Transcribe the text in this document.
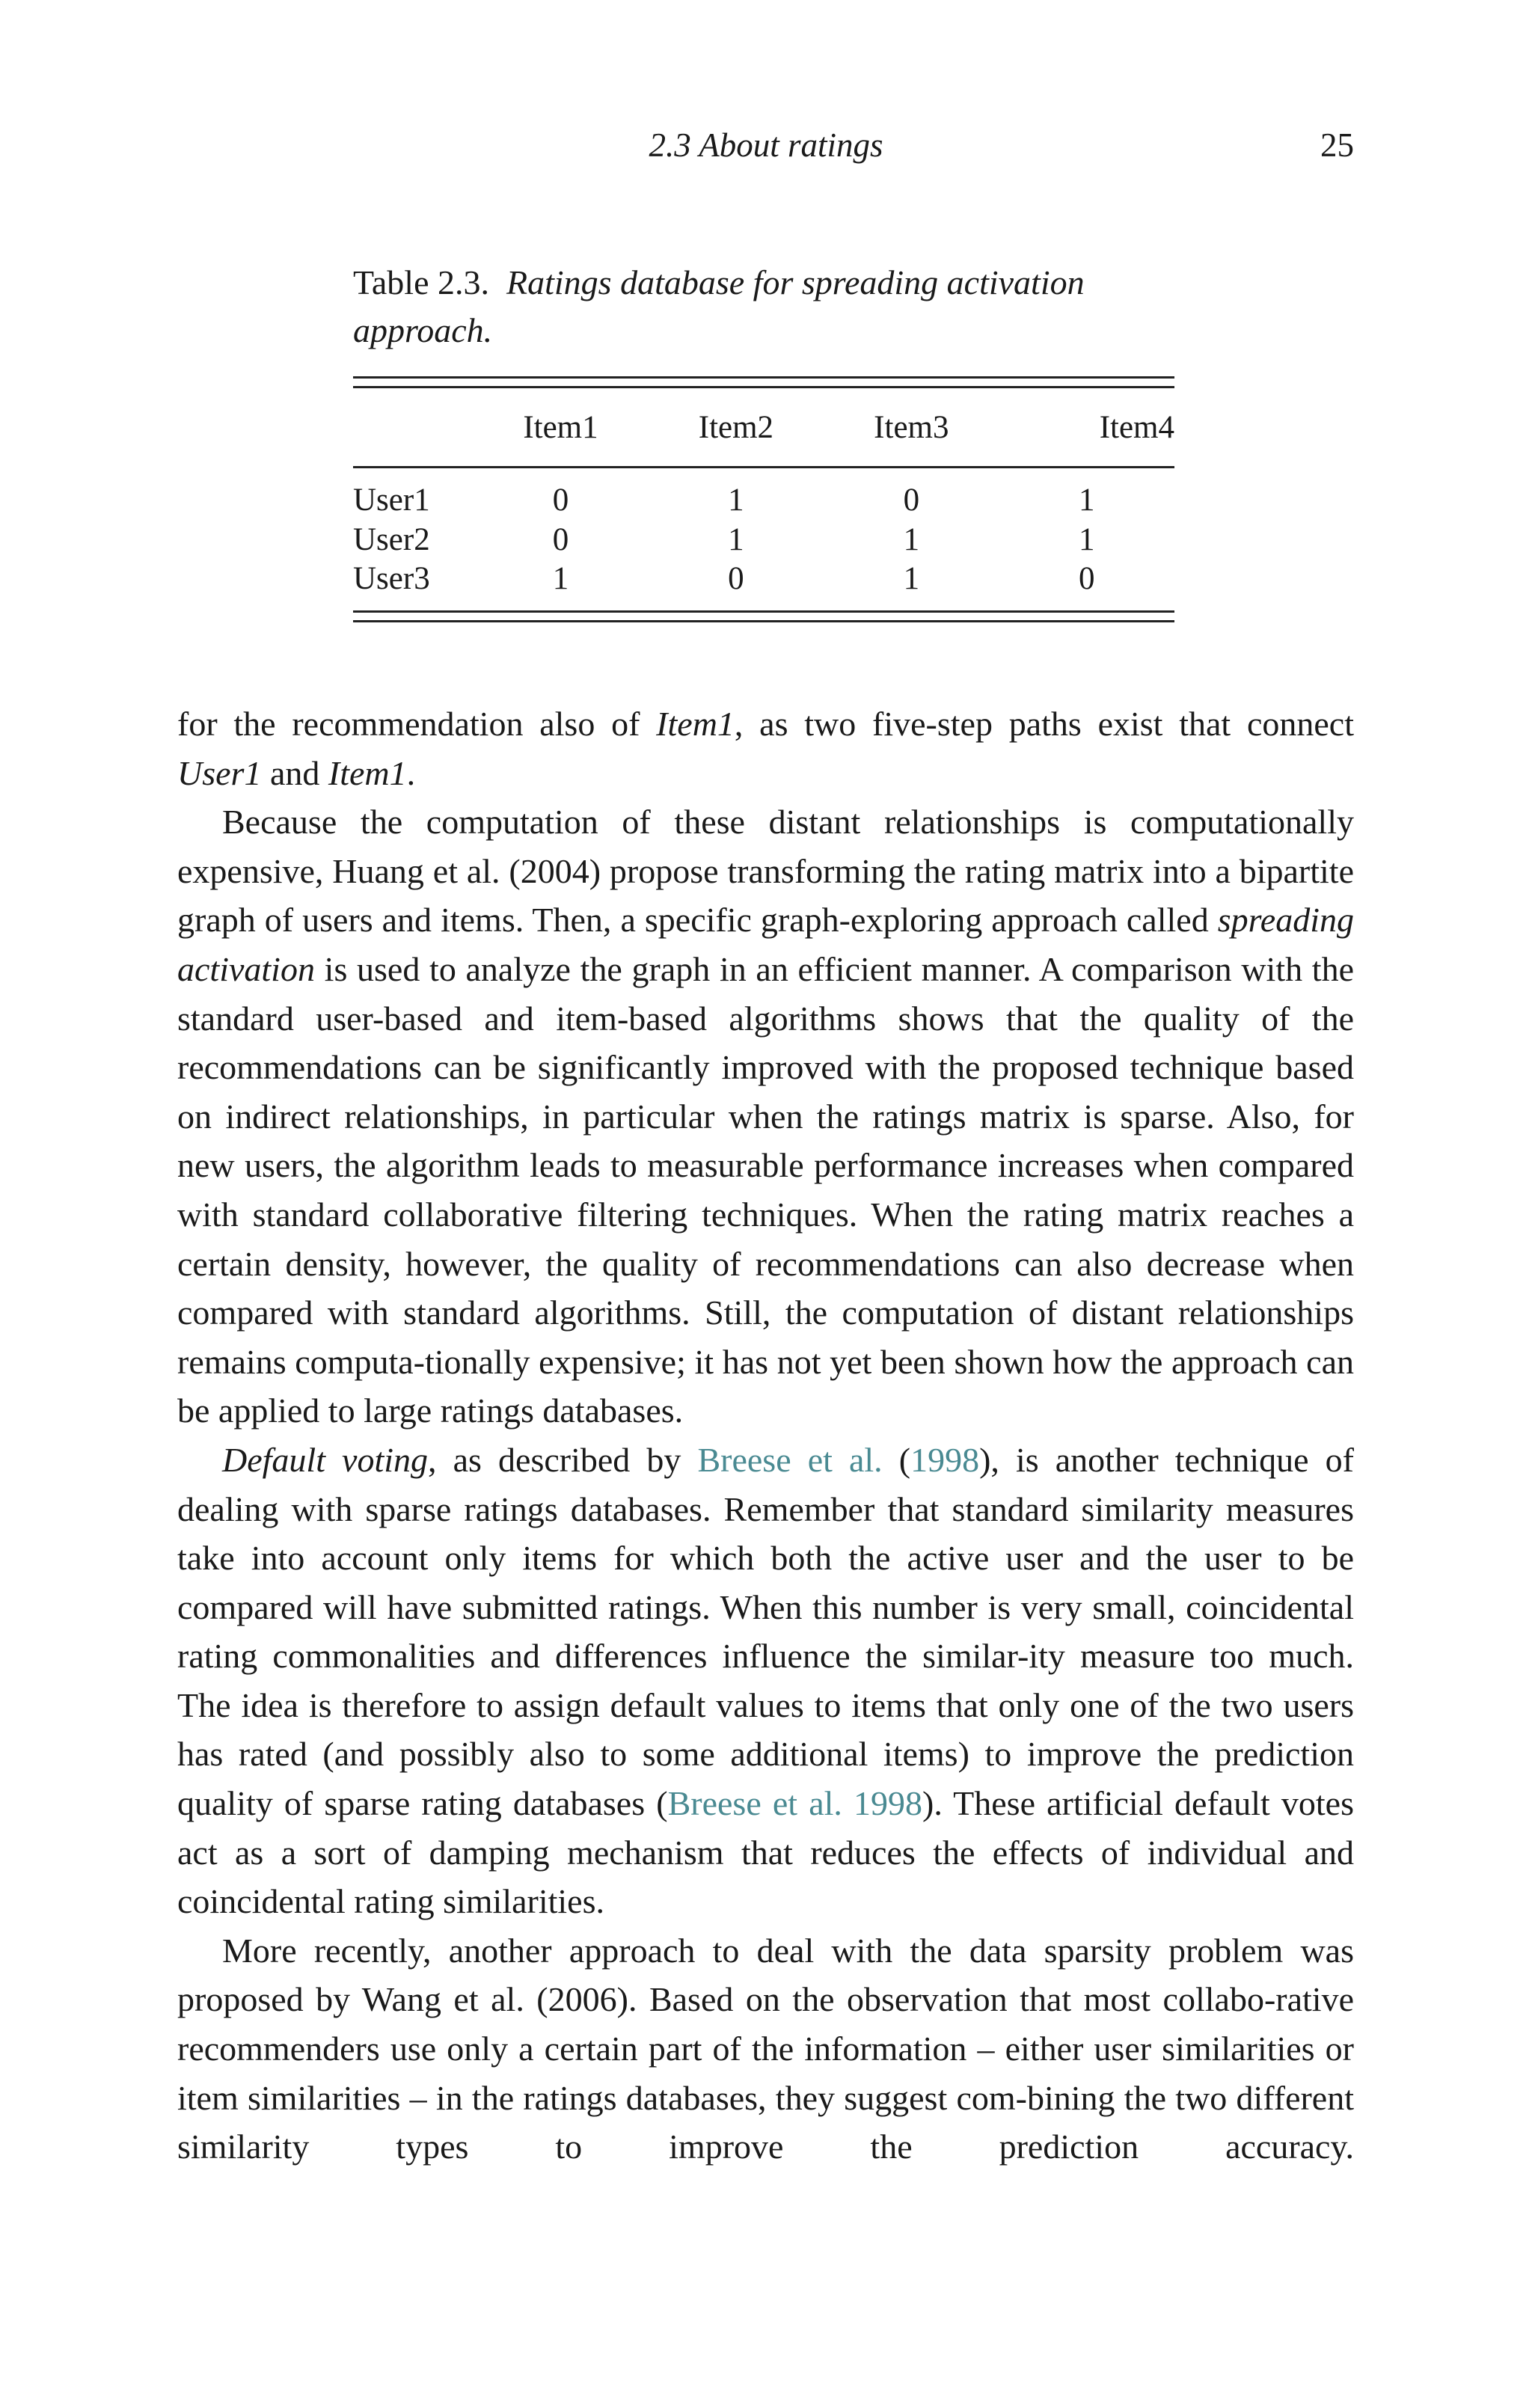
2.3 About ratings	25
Table 2.3. Ratings database for spreading activation approach.
	Item1	Item2	Item3	Item4

User1	0	1	0	1
User2	0	1	1	1
User3	1	0	1	0

for the recommendation also of Item1, as two five-step paths exist that connect User1 and Item1.

Because the computation of these distant relationships is computationally expensive, Huang et al. (2004) propose transforming the rating matrix into a bipartite graph of users and items. Then, a specific graph-exploring approach called spreading activation is used to analyze the graph in an efficient manner. A comparison with the standard user-based and item-based algorithms shows that the quality of the recommendations can be significantly improved with the proposed technique based on indirect relationships, in particular when the ratings matrix is sparse. Also, for new users, the algorithm leads to measurable performance increases when compared with standard collaborative filtering techniques. When the rating matrix reaches a certain density, however, the quality of recommendations can also decrease when compared with standard algorithms. Still, the computation of distant relationships remains computa-tionally expensive; it has not yet been shown how the approach can be applied to large ratings databases.

Default voting, as described by Breese et al. (1998), is another technique of dealing with sparse ratings databases. Remember that standard similarity measures take into account only items for which both the active user and the user to be compared will have submitted ratings. When this number is very small, coincidental rating commonalities and differences influence the similar-ity measure too much. The idea is therefore to assign default values to items that only one of the two users has rated (and possibly also to some additional items) to improve the prediction quality of sparse rating databases (Breese et al. 1998). These artificial default votes act as a sort of damping mechanism that reduces the effects of individual and coincidental rating similarities.

More recently, another approach to deal with the data sparsity problem was proposed by Wang et al. (2006). Based on the observation that most collabo-rative recommenders use only a certain part of the information – either user similarities or item similarities – in the ratings databases, they suggest com-bining the two different similarity types to improve the prediction accuracy.
